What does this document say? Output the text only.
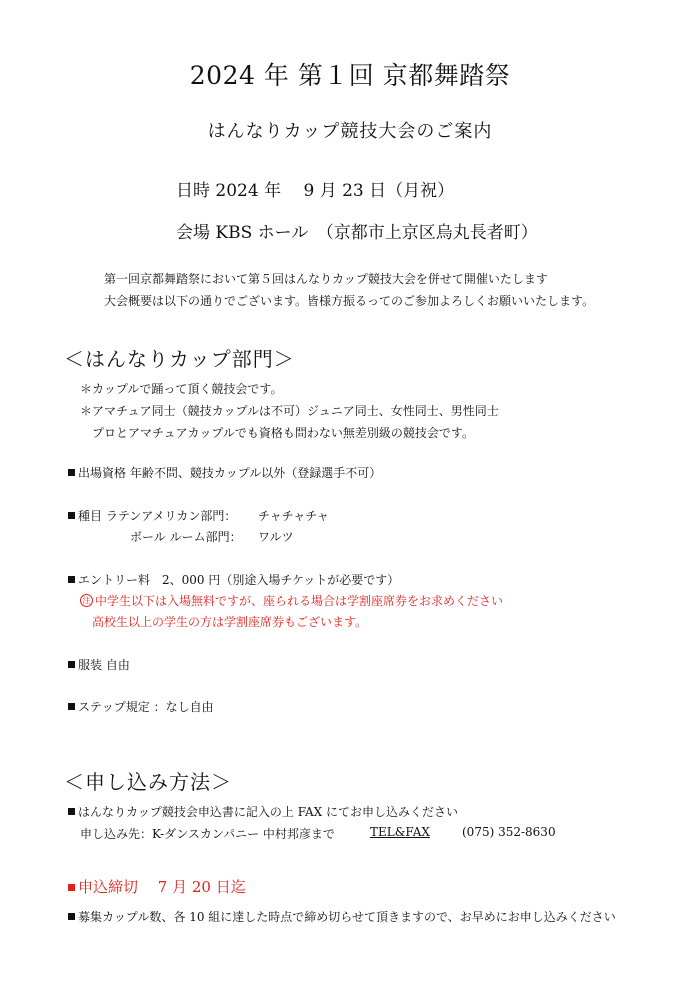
2024 年 第１回 京都舞踏祭
はんなりカップ競技大会のご案内
日時 2024 年　 9 月 23 日（月祝）
会場 KBS ホール　（京都市上京区烏丸長者町）
第一回京都舞踏祭において第５回はんなりカップ競技大会を併せて開催いたします
大会概要は以下の通りでございます。皆様方振るってのご参加よろしくお願いいたします。
＜はんなりカップ部門＞
＊カップルで踊って頂く競技会です。
＊アマチュア同士（競技カップルは不可）ジュニア同士、女性同士、男性同士
プロとアマチュアカップルでも資格も問わない無差別級の競技会です。
出場資格 年齢不問、競技カップル以外（登録選手不可）
種目 ラテンアメリカン部門： チャチャチャ
ボール ルーム部門： ワルツ
エントリー料　2、000 円（別途入場チケットが必要です）
注 中学生以下は入場無料ですが、座られる場合は学割座席券をお求めください
高校生以上の学生の方は学割座席券もございます。
服装 自由
ステップ規定 ：なし自由
＜申し込み方法＞
はんなりカップ競技会申込書に記入の上 FAX にてお申し込みください
申し込み先：K-ダンスカンパニー 中村邦彦まで	TEL&FAX	(075) 352-8630
申込締切　 7 月 20 日迄
募集カップル数、各 10 組に達した時点で締め切らせて頂きますので、お早めにお申し込みください
